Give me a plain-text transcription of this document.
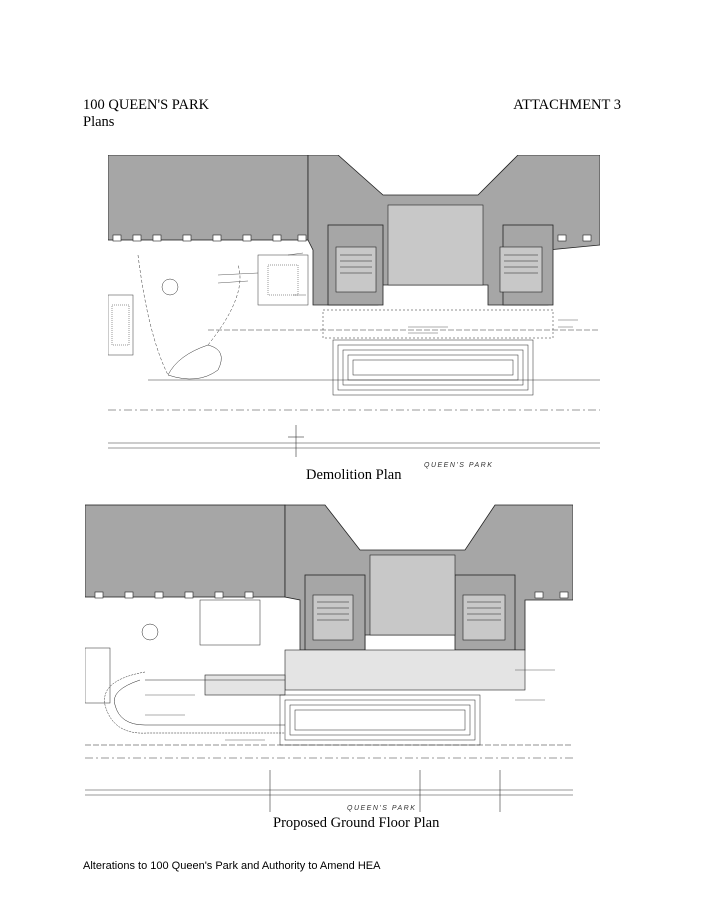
100 QUEEN'S PARK
Plans
ATTACHMENT 3
QUEEN'S PARK
Demolition Plan
QUEEN'S PARK
Proposed Ground Floor Plan
Alterations to 100 Queen's Park and Authority to Amend HEA
